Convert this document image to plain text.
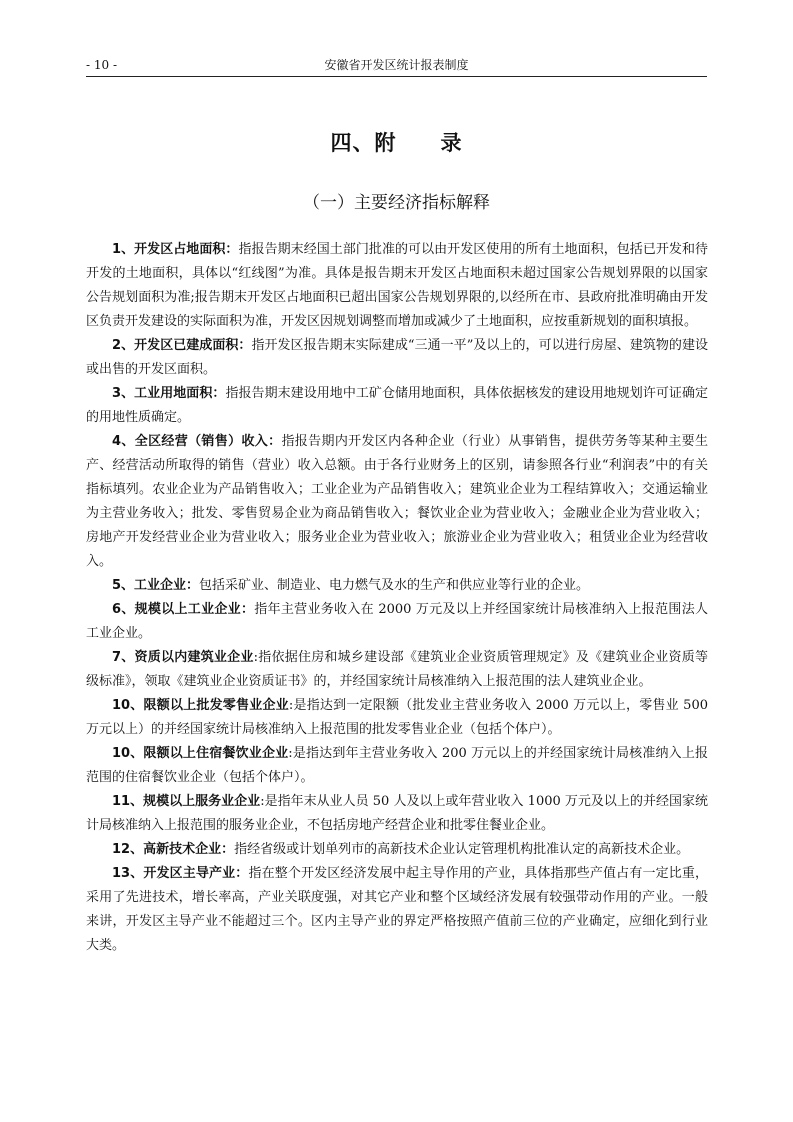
- 10 -	安徽省开发区统计报表制度
四、附　　录
（一）主要经济指标解释

1、开发区占地面积：指报告期末经国土部门批准的可以由开发区使用的所有土地面积，包括已开发和待开发的土地面积，具体以“红线图”为准。具体是报告期末开发区占地面积未超过国家公告规划界限的以国家公告规划面积为准;报告期末开发区占地面积已超出国家公告规划界限的,以经所在市、县政府批准明确由开发区负责开发建设的实际面积为准，开发区因规划调整而增加或减少了土地面积，应按重新规划的面积填报。

2、开发区已建成面积：指开发区报告期末实际建成“三通一平”及以上的，可以进行房屋、建筑物的建设或出售的开发区面积。

3、工业用地面积：指报告期末建设用地中工矿仓储用地面积，具体依据核发的建设用地规划许可证确定的用地性质确定。

4、全区经营（销售）收入：指报告期内开发区内各种企业（行业）从事销售，提供劳务等某种主要生产、经营活动所取得的销售（营业）收入总额。由于各行业财务上的区别，请参照各行业“利润表”中的有关指标填列。农业企业为产品销售收入；工业企业为产品销售收入；建筑业企业为工程结算收入；交通运输业为主营业务收入；批发、零售贸易企业为商品销售收入；餐饮业企业为营业收入；金融业企业为营业收入；房地产开发经营业企业为营业收入；服务业企业为营业收入；旅游业企业为营业收入；租赁业企业为经营收入。

5、工业企业：包括采矿业、制造业、电力燃气及水的生产和供应业等行业的企业。

6、规模以上工业企业：指年主营业务收入在 2000 万元及以上并经国家统计局核准纳入上报范围法人工业企业。

7、资质以内建筑业企业:指依据住房和城乡建设部《建筑业企业资质管理规定》及《建筑业企业资质等级标准》，领取《建筑业企业资质证书》的，并经国家统计局核准纳入上报范围的法人建筑业企业。

10、限额以上批发零售业企业:是指达到一定限额（批发业主营业务收入 2000 万元以上，零售业 500 万元以上）的并经国家统计局核准纳入上报范围的批发零售业企业（包括个体户）。

10、限额以上住宿餐饮业企业:是指达到年主营业务收入 200 万元以上的并经国家统计局核准纳入上报范围的住宿餐饮业企业（包括个体户）。

11、规模以上服务业企业:是指年末从业人员 50 人及以上或年营业收入 1000 万元及以上的并经国家统计局核准纳入上报范围的服务业企业，不包括房地产经营企业和批零住餐业企业。

12、高新技术企业：指经省级或计划单列市的高新技术企业认定管理机构批准认定的高新技术企业。

13、开发区主导产业：指在整个开发区经济发展中起主导作用的产业，具体指那些产值占有一定比重，采用了先进技术，增长率高，产业关联度强，对其它产业和整个区域经济发展有较强带动作用的产业。一般来讲，开发区主导产业不能超过三个。区内主导产业的界定严格按照产值前三位的产业确定，应细化到行业大类。
